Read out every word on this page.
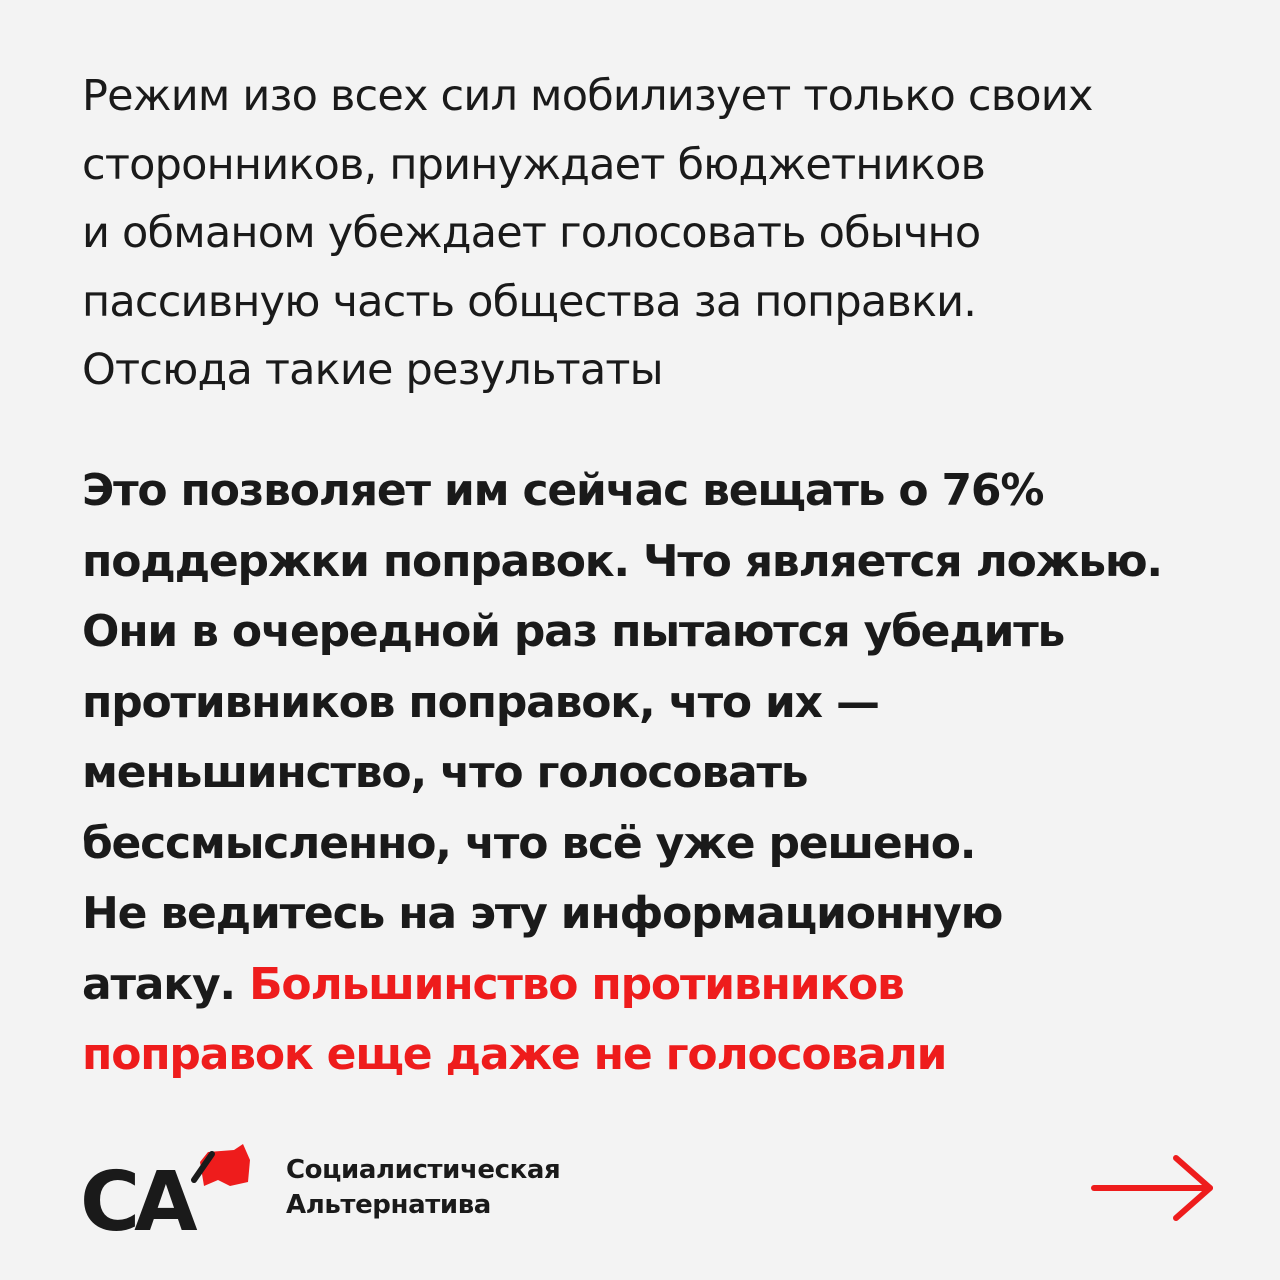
Режим изо всех сил мобилизует только своих
сторонников, принуждает бюджетников
и обманом убеждает голосовать обычно
пассивную часть общества за поправки.
Отсюда такие результаты
Это позволяет им сейчас вещать о 76%
поддержки поправок. Что является ложью.
Они в очередной раз пытаются убедить
противников поправок, что их —
меньшинство, что голосовать
бессмысленно, что всё уже решено.
Не ведитесь на эту информационную
атаку. Большинство противников
поправок еще даже не голосовали
СА	Социалистическая
Альтернатива
